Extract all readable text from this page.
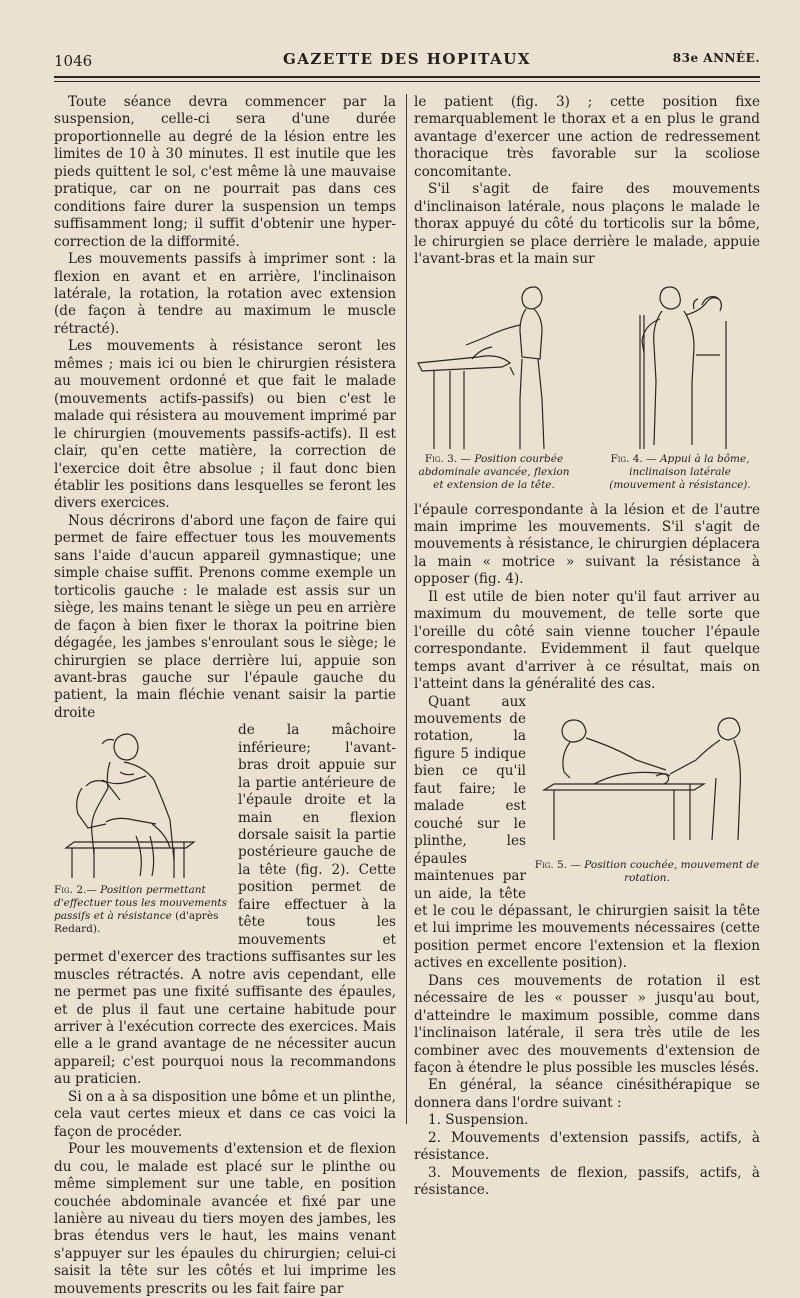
1046	GAZETTE DES HOPITAUX	83e ANNÉE.

Toute séance devra commencer par la suspension, celle-ci sera d'une durée proportionnelle au degré de la lésion entre les limites de 10 à 30 minutes. Il est inutile que les pieds quittent le sol, c'est même là une mauvaise pratique, car on ne pourrait pas dans ces conditions faire durer la suspension un temps suffisamment long; il suffit d'obtenir une hyper-correction de la difformité.

Les mouvements passifs à imprimer sont : la flexion en avant et en arrière, l'inclinaison latérale, la rotation, la rotation avec extension (de façon à tendre au maximum le muscle rétracté).

Les mouvements à résistance seront les mêmes ; mais ici ou bien le chirurgien résistera au mouvement ordonné et que fait le malade (mouvements actifs-passifs) ou bien c'est le malade qui résistera au mouvement imprimé par le chirurgien (mouvements passifs-actifs). Il est clair, qu'en cette matière, la correction de l'exercice doit être absolue ; il faut donc bien établir les positions dans lesquelles se feront les divers exercices.

Nous décrirons d'abord une façon de faire qui permet de faire effectuer tous les mouvements sans l'aide d'aucun appareil gymnastique; une simple chaise suffit. Prenons comme exemple un torticolis gauche : le malade est assis sur un siège, les mains tenant le siège un peu en arrière de façon à bien fixer le thorax la poitrine bien dégagée, les jambes s'enroulant sous le siège; le chirurgien se place derrière lui, appuie son avant-bras gauche sur l'épaule gauche du patient, la main fléchie venant saisir la partie droite

Fig. 2.— Position permettant d'effectuer tous les mouvements passifs et à résistance (d'après Redard).

de la mâchoire inférieure; l'avant-bras droit appuie sur la partie antérieure de l'épaule droite et la main en flexion dorsale saisit la partie postérieure gauche de la tête (fig. 2). Cette position permet de faire effectuer à la tête tous les mouvements et permet d'exercer des tractions suffisantes sur les muscles rétractés. A notre avis cependant, elle ne permet pas une fixité suffisante des épaules, et de plus il faut une certaine habitude pour arriver à l'exécution correcte des exercices. Mais elle a le grand avantage de ne nécessiter aucun appareil; c'est pourquoi nous la recommandons au praticien.

Si on a à sa disposition une bôme et un plinthe, cela vaut certes mieux et dans ce cas voici la façon de procéder.

Pour les mouvements d'extension et de flexion du cou, le malade est placé sur le plinthe ou même simplement sur une table, en position couchée abdominale avancée et fixé par une lanière au niveau du tiers moyen des jambes, les bras étendus vers le haut, les mains venant s'appuyer sur les épaules du chirurgien; celui-ci saisit la tête sur les côtés et lui imprime les mouvements prescrits ou les fait faire par

le patient (fig. 3) ; cette position fixe remarquablement le thorax et a en plus le grand avantage d'exercer une action de redressement thoracique très favorable sur la scoliose concomitante.

S'il s'agit de faire des mouvements d'inclinaison latérale, nous plaçons le malade le thorax appuyé du côté du torticolis sur la bôme, le chirurgien se place derrière le malade, appuie l'avant-bras et la main sur

Fig. 3. — Position courbée abdominale avancée, flexion et extension de la tête.
Fig. 4. — Appui à la bôme, inclinaison latérale (mouvement à résistance).

l'épaule correspondante à la lésion et de l'autre main imprime les mouvements. S'il s'agit de mouvements à résistance, le chirurgien déplacera la main « motrice » suivant la résistance à opposer (fig. 4).

Il est utile de bien noter qu'il faut arriver au maximum du mouvement, de telle sorte que l'oreille du côté sain vienne toucher l'épaule correspondante. Evidemment il faut quelque temps avant d'arriver à ce résultat, mais on l'atteint dans la généralité des cas.

Fig. 5. — Position couchée, mouvement de rotation.

Quant aux mouvements de rotation, la figure 5 indique bien ce qu'il faut faire; le malade est couché sur le plinthe, les épaules maintenues par un aide, la tête et le cou le dépassant, le chirurgien saisit la tête et lui imprime les mouvements nécessaires (cette position permet encore l'extension et la flexion actives en excellente position).

Dans ces mouvements de rotation il est nécessaire de les « pousser » jusqu'au bout, d'atteindre le maximum possible, comme dans l'inclinaison latérale, il sera très utile de les combiner avec des mouvements d'extension de façon à étendre le plus possible les muscles lésés.

En général, la séance cinésithérapique se donnera dans l'ordre suivant :

1. Suspension.
2. Mouvements d'extension passifs, actifs, à résistance.
3. Mouvements de flexion, passifs, actifs, à résistance.
